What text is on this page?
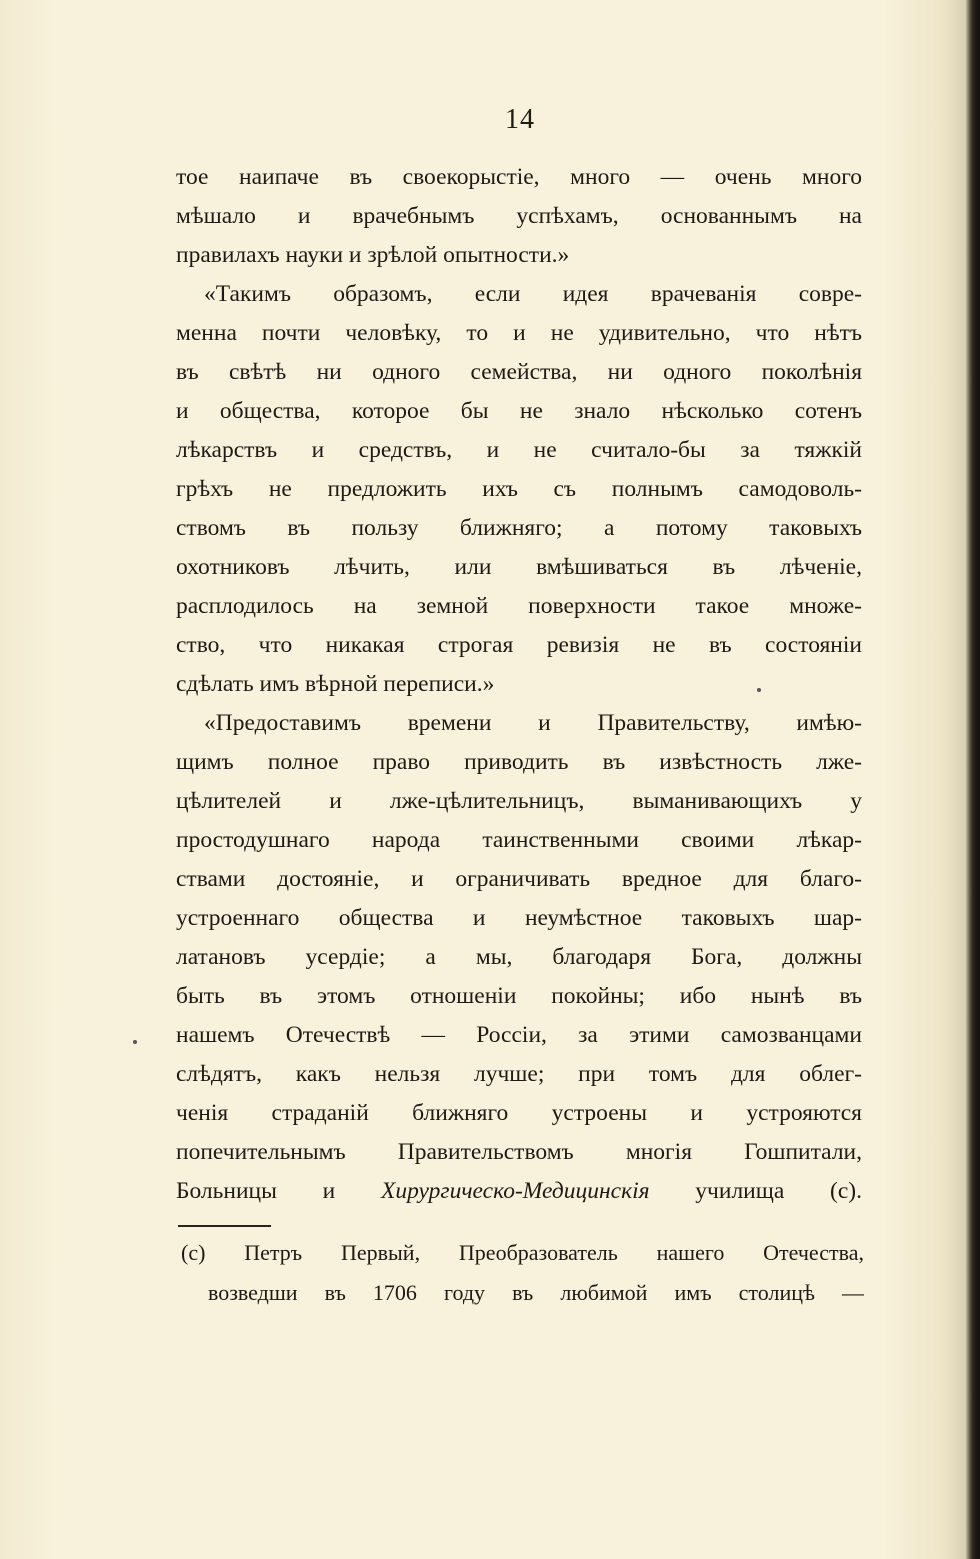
14
тое наипаче въ своекорыстіе, много — очень много
мѣшало и врачебнымъ успѣхамъ, основаннымъ на
правилахъ науки и зрѣлой опытности.»
«Такимъ образомъ, если идея врачеванія совре-
менна почти человѣку, то и не удивительно, что нѣтъ
въ свѣтѣ ни одного семейства, ни одного поколѣнія
и общества, которое бы не знало нѣсколько сотенъ
лѣкарствъ и средствъ, и не считало-бы за тяжкій
грѣхъ не предложить ихъ съ полнымъ самодоволь-
ствомъ въ пользу ближняго; а потому таковыхъ
охотниковъ лѣчить, или вмѣшиваться въ лѣченіе,
расплодилось на земной поверхности такое множе-
ство, что никакая строгая ревизія не въ состояніи
сдѣлать имъ вѣрной переписи.»
«Предоставимъ времени и Правительству, имѣю-
щимъ полное право приводить въ извѣстность лже-
цѣлителей и лже-цѣлительницъ, выманивающихъ у
простодушнаго народа таинственными своими лѣкар-
ствами достояніе, и ограничивать вредное для благо-
устроеннаго общества и неумѣстное таковыхъ шар-
латановъ усердіе; а мы, благодаря Бога, должны
быть въ этомъ отношеніи покойны; ибо нынѣ въ
нашемъ Отечествѣ — Россіи, за этими самозванцами
слѣдятъ, какъ нельзя лучше; при томъ для облег-
ченія страданій ближняго устроены и устрояются
попечительнымъ Правительствомъ многія Гошпитали,
Больницы и Хирургическо-Медицинскія училища (c).
(c) Петръ Первый, Преобразователь нашего Отечества,
возведши въ 1706 году въ любимой имъ столицѣ —
